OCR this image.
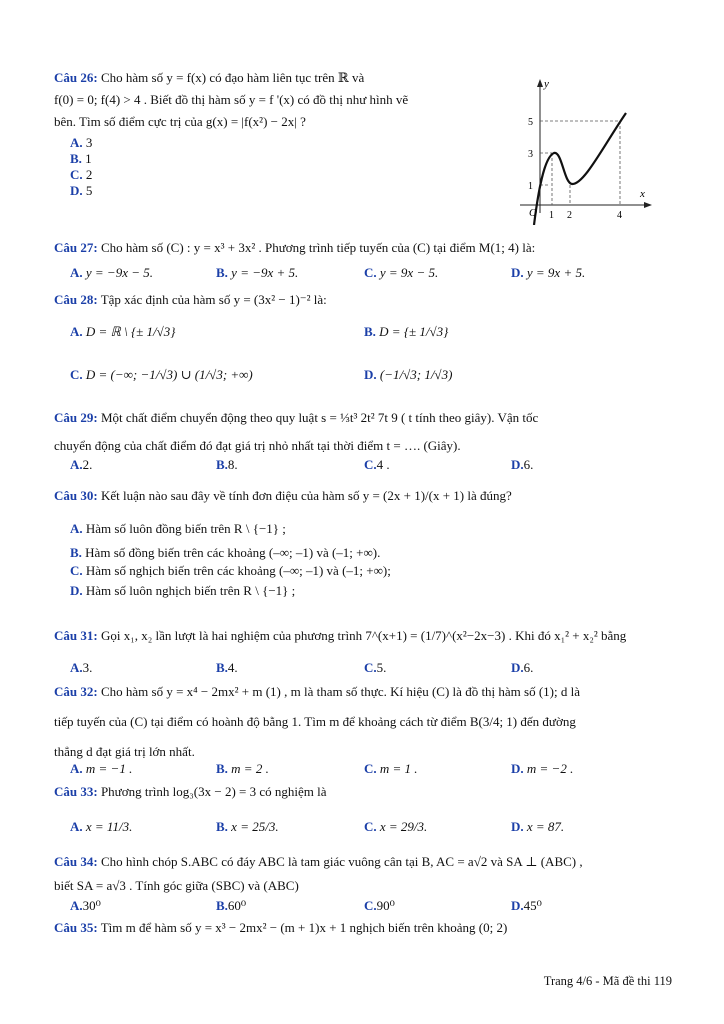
Câu 26: Cho hàm số y = f(x) có đạo hàm liên tục trên ℝ và
f(0) = 0; f(4) > 4 . Biết đồ thị hàm số y = f '(x) có đồ thị như hình vẽ
bên. Tìm số điểm cực trị của g(x) = |f(x²) − 2x| ?
A. 3
B. 1
C. 2
D. 5
y
x
O 1 2	4
1
3
5
Câu 27: Cho hàm số (C) : y = x³ + 3x² . Phương trình tiếp tuyến của (C) tại điểm M(1; 4) là:
A. y = −9x − 5.	B. y = −9x + 5.	C. y = 9x − 5.	D. y = 9x + 5.
Câu 28: Tập xác định của hàm số y = (3x² − 1)⁻² là:
A. D = ℝ \ {± 1/√3}	B. D = {± 1/√3}
C. D = (−∞; −1/√3) ∪ (1/√3; +∞)	D. (−1/√3; 1/√3)
Câu 29: Một chất điểm chuyển động theo quy luật s = ⅓t³ 2t² 7t 9 ( t tính theo giây). Vận tốc
chuyển động của chất điểm đó đạt giá trị nhỏ nhất tại thời điểm t = …. (Giây).
A. 2.	B. 8.	C. 4 .	D. 6.
Câu 30: Kết luận nào sau đây về tính đơn điệu của hàm số y = (2x + 1)/(x + 1) là đúng?
A. Hàm số luôn đồng biến trên R \ {−1} ;
B. Hàm số đồng biến trên các khoảng (–∞; –1) và (–1; +∞).
C. Hàm số nghịch biến trên các khoảng (–∞; –1) và (–1; +∞);
D. Hàm số luôn nghịch biến trên R \ {−1} ;
Câu 31: Gọi x₁, x₂ lần lượt là hai nghiệm của phương trình 7^(x+1) = (1/7)^(x²−2x−3) . Khi đó x₁² + x₂² bằng
A. 3.	B. 4.	C. 5.	D. 6.
Câu 32: Cho hàm số y = x⁴ − 2mx² + m (1) , m là tham số thực. Kí hiệu (C) là đồ thị hàm số (1); d là
tiếp tuyến của (C) tại điểm có hoành độ bằng 1. Tìm m để khoảng cách từ điểm B(3/4; 1) đến đường
thẳng d đạt giá trị lớn nhất.
A. m = −1 .	B. m = 2 .	C. m = 1 .	D. m = −2 .
Câu 33: Phương trình log₃(3x − 2) = 3 có nghiệm là
A. x = 11/3.	B. x = 25/3.	C. x = 29/3.	D. x = 87.
Câu 34: Cho hình chóp S.ABC có đáy ABC là tam giác vuông cân tại B, AC = a√2 và SA ⊥ (ABC) ,
biết SA = a√3 . Tính góc giữa (SBC) và (ABC)
A. 30⁰	B. 60⁰	C. 90⁰	D. 45⁰
Câu 35: Tìm m để hàm số y = x³ − 2mx² − (m + 1)x + 1 nghịch biến trên khoảng (0; 2)
Trang 4/6 - Mã đề thi 119
